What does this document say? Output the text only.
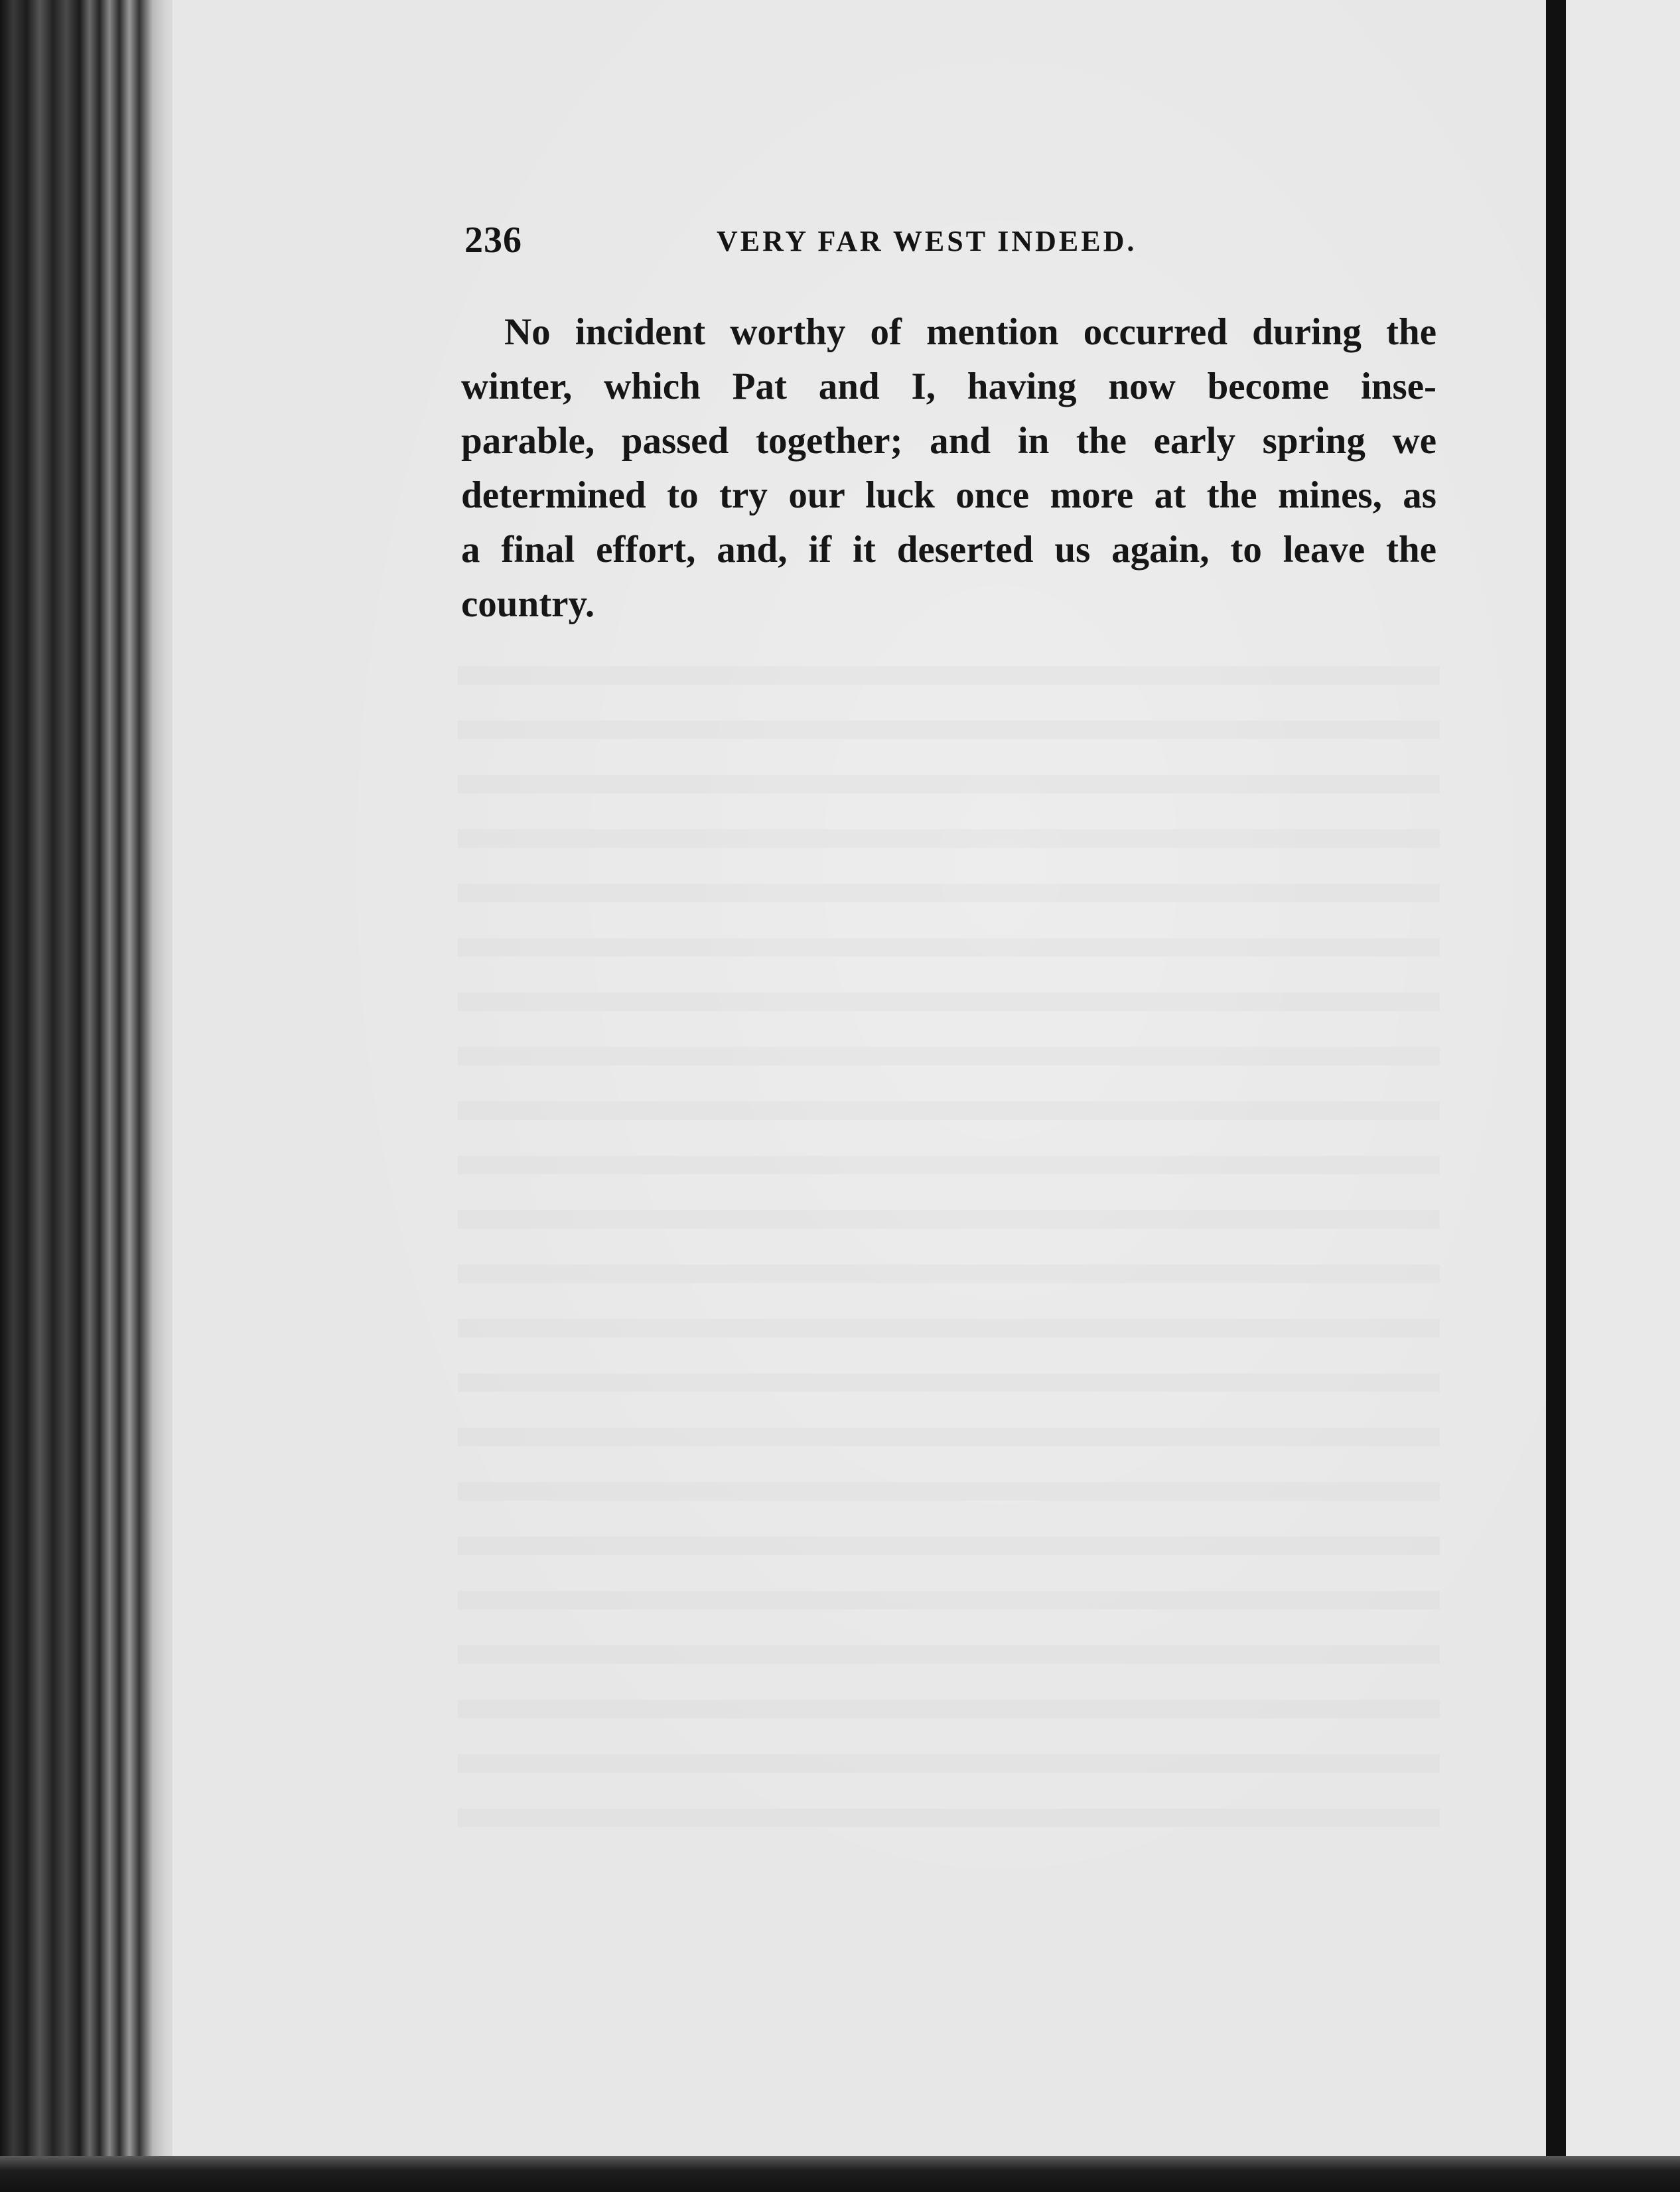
236	VERY FAR WEST INDEED.
No incident worthy of mention occurred during the
winter, which Pat and I, having now become inse-
parable, passed together; and in the early spring we
determined to try our luck once more at the mines, as
a final effort, and, if it deserted us again, to leave the
country.
